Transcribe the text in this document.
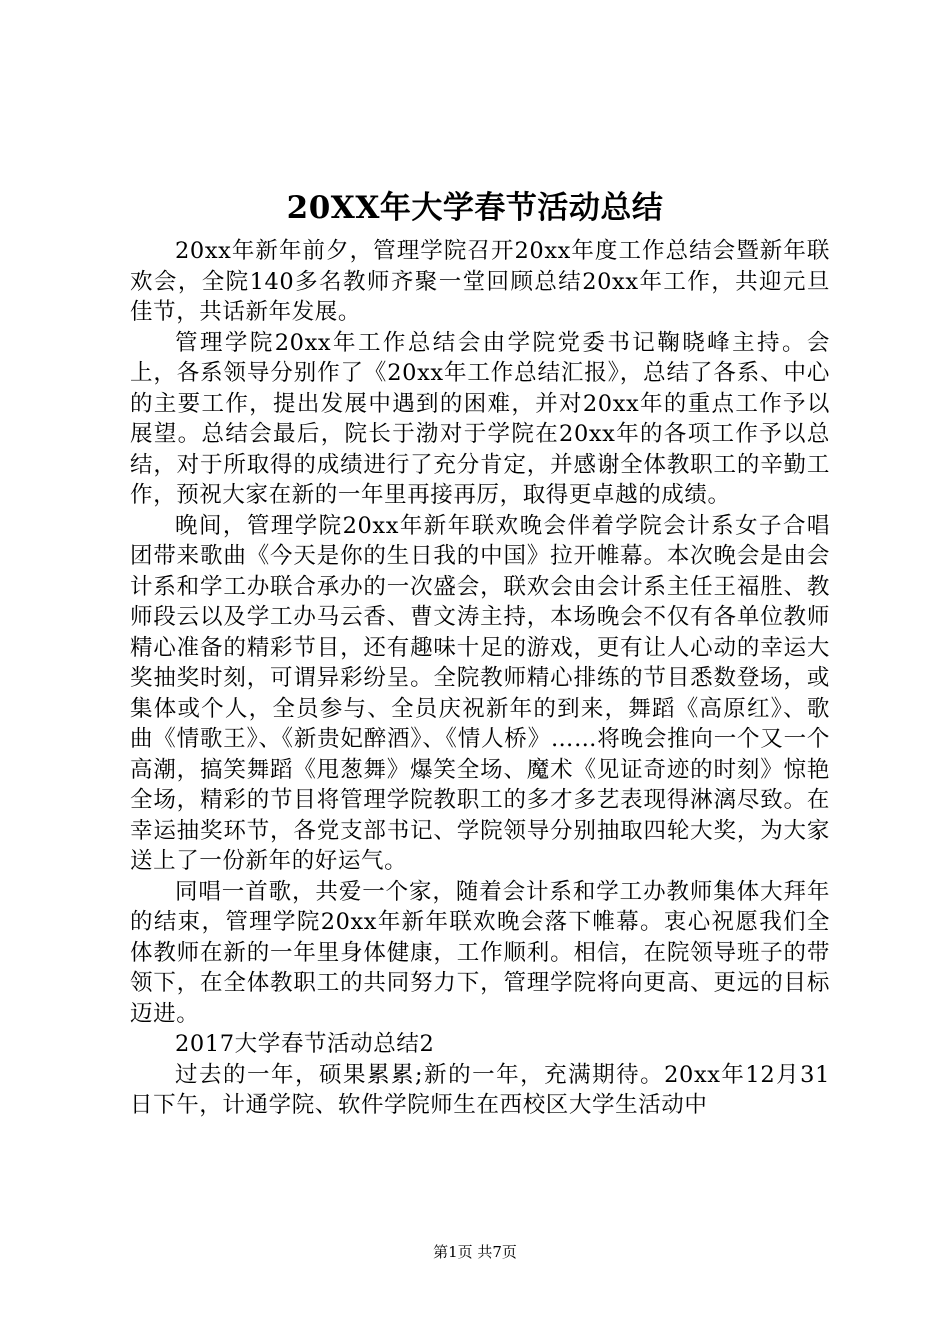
20XX年大学春节活动总结

20xx年新年前夕，管理学院召开20xx年度工作总结会暨新年联欢会，全院140多名教师齐聚一堂回顾总结20xx年工作，共迎元旦佳节，共话新年发展。

管理学院20xx年工作总结会由学院党委书记鞠晓峰主持。会上，各系领导分别作了《20xx年工作总结汇报》，总结了各系、中心的主要工作，提出发展中遇到的困难，并对20xx年的重点工作予以展望。总结会最后，院长于渤对于学院在20xx年的各项工作予以总结，对于所取得的成绩进行了充分肯定，并感谢全体教职工的辛勤工作，预祝大家在新的一年里再接再厉，取得更卓越的成绩。

晚间，管理学院20xx年新年联欢晚会伴着学院会计系女子合唱团带来歌曲《今天是你的生日我的中国》拉开帷幕。本次晚会是由会计系和学工办联合承办的一次盛会，联欢会由会计系主任王福胜、教师段云以及学工办马云香、曹文涛主持，本场晚会不仅有各单位教师精心准备的精彩节目，还有趣味十足的游戏，更有让人心动的幸运大奖抽奖时刻，可谓异彩纷呈。全院教师精心排练的节目悉数登场，或集体或个人，全员参与、全员庆祝新年的到来，舞蹈《高原红》、歌曲《情歌王》、《新贵妃醉酒》、《情人桥》……将晚会推向一个又一个高潮，搞笑舞蹈《甩葱舞》爆笑全场、魔术《见证奇迹的时刻》惊艳全场，精彩的节目将管理学院教职工的多才多艺表现得淋漓尽致。在幸运抽奖环节，各党支部书记、学院领导分别抽取四轮大奖，为大家送上了一份新年的好运气。

同唱一首歌，共爱一个家，随着会计系和学工办教师集体大拜年的结束，管理学院20xx年新年联欢晚会落下帷幕。衷心祝愿我们全体教师在新的一年里身体健康，工作顺利。相信，在院领导班子的带领下，在全体教职工的共同努力下，管理学院将向更高、更远的目标迈进。

2017大学春节活动总结2

过去的一年，硕果累累;新的一年，充满期待。20xx年12月31日下午，计通学院、软件学院师生在西校区大学生活动中

第1页 共7页
